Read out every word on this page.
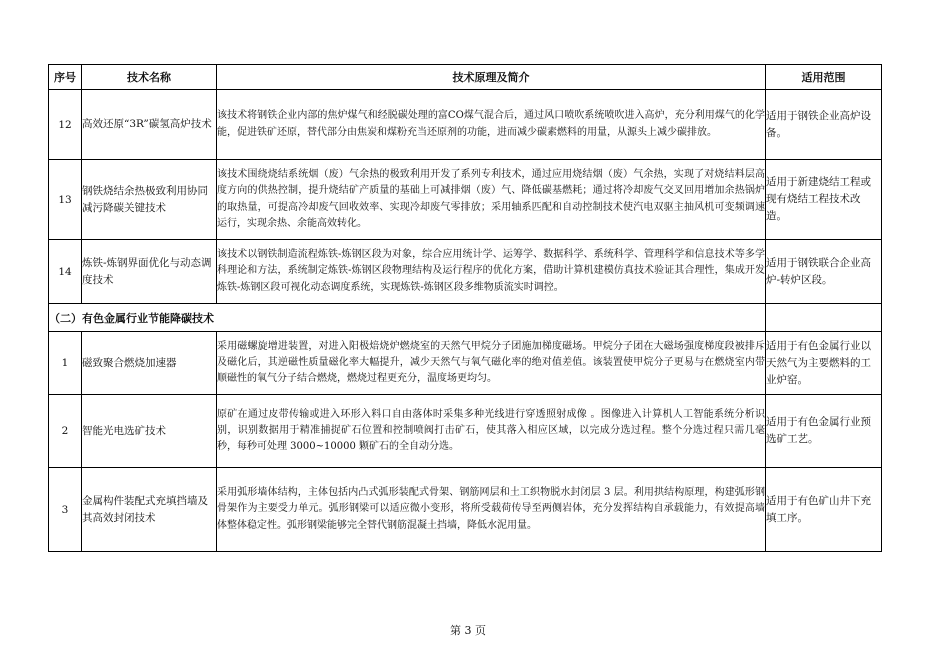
序号	技术名称	技术原理及简介	适用范围
12	高效还原“3R”碳氢高炉技术	该技术将钢铁企业内部的焦炉煤气和经脱碳处理的富CO煤气混合后，通过风口喷吹系统喷吹进入高炉，充分利用煤气的化学能，促进铁矿还原，替代部分由焦炭和煤粉充当还原剂的功能，进而减少碳素燃料的用量，从源头上减少碳排放。	适用于钢铁企业高炉设备。
13	钢铁烧结余热极致利用协同减污降碳关键技术	该技术围绕烧结系统烟（废）气余热的极致利用开发了系列专利技术，通过应用烧结烟（废）气余热，实现了对烧结料层高度方向的供热控制，提升烧结矿产质量的基础上可减排烟（废）气、降低碳基燃耗；通过将冷却废气交叉回用增加余热锅炉的取热量，可提高冷却废气回收效率、实现冷却废气零排放；采用轴系匹配和自动控制技术使汽电双驱主抽风机可变频调速运行，实现余热、余能高效转化。	适用于新建烧结工程或现有烧结工程技术改造。
14	炼铁-炼钢界面优化与动态调度技术	该技术以钢铁制造流程炼铁-炼钢区段为对象，综合应用统计学、运筹学、数据科学、系统科学、管理科学和信息技术等多学科理论和方法，系统制定炼铁-炼钢区段物理结构及运行程序的优化方案，借助计算机建模仿真技术验证其合理性，集成开发炼铁-炼钢区段可视化动态调度系统，实现炼铁-炼钢区段多维物质流实时调控。	适用于钢铁联合企业高炉-转炉区段。
（二）有色金属行业节能降碳技术			
1	磁致聚合燃烧加速器	采用磁螺旋增进装置，对进入阳极焙烧炉燃烧室的天然气甲烷分子团施加梯度磁场。甲烷分子团在大磁场强度梯度段被排斥及磁化后，其逆磁性质量磁化率大幅提升，减少天然气与氧气磁化率的绝对值差值。该装置使甲烷分子更易与在燃烧室内带顺磁性的氧气分子结合燃烧，燃烧过程更充分，温度场更均匀。	适用于有色金属行业以天然气为主要燃料的工业炉窑。
2	智能光电选矿技术	原矿在通过皮带传输或进入环形入料口自由落体时采集多种光线进行穿透照射成像 。图像进入计算机人工智能系统分析识别，识别数据用于精准捕捉矿石位置和控制喷阀打击矿石，使其落入相应区域，以完成分选过程。整个分选过程只需几毫秒，每秒可处理 3000~10000 颗矿石的全自动分选。	适用于有色金属行业预选矿工艺。
3	金属构件装配式充填挡墙及其高效封闭技术	采用弧形墙体结构，主体包括内凸式弧形装配式骨架、钢筋网层和土工织物脱水封闭层 3 层。利用拱结构原理，构建弧形钢骨架作为主要受力单元。弧形钢梁可以适应微小变形，将所受载荷传导至两侧岩体，充分发挥结构自承载能力，有效提高墙体整体稳定性。弧形钢梁能够完全替代钢筋混凝土挡墙，降低水泥用量。	适用于有色矿山井下充填工序。
第 3 页
